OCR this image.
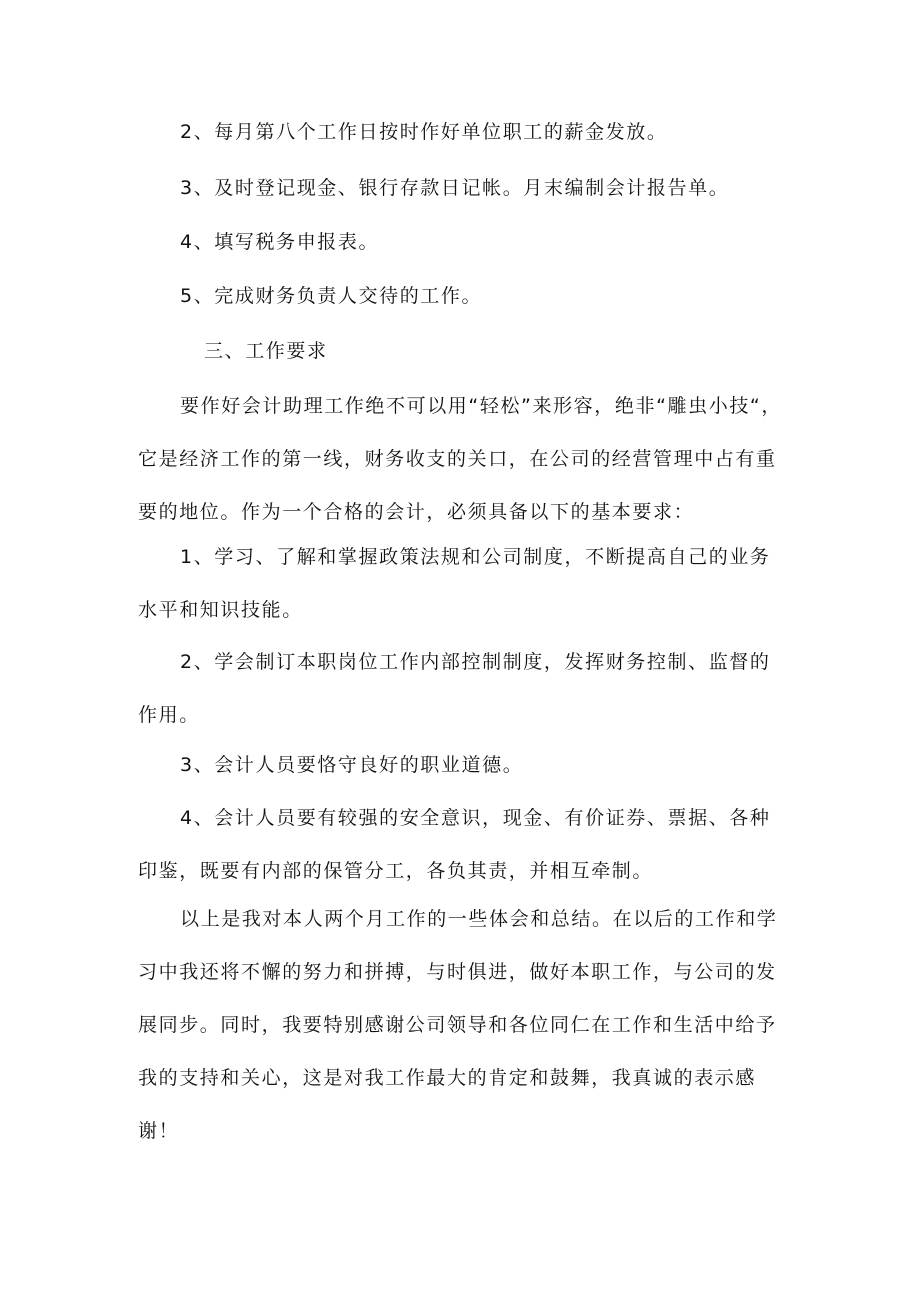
2、每月第八个工作日按时作好单位职工的薪金发放。

3、及时登记现金、银行存款日记帐。月末编制会计报告单。

4、填写税务申报表。

5、完成财务负责人交待的工作。

三、工作要求

要作好会计助理工作绝不可以用“轻松”来形容，绝非“雕虫小技“，它是经济工作的第一线，财务收支的关口，在公司的经营管理中占有重要的地位。作为一个合格的会计，必须具备以下的基本要求：

1、学习、了解和掌握政策法规和公司制度，不断提高自己的业务水平和知识技能。

2、学会制订本职岗位工作内部控制制度，发挥财务控制、监督的作用。

3、会计人员要恪守良好的职业道德。

4、会计人员要有较强的安全意识，现金、有价证券、票据、各种印鉴，既要有内部的保管分工，各负其责，并相互牵制。

以上是我对本人两个月工作的一些体会和总结。在以后的工作和学习中我还将不懈的努力和拼搏，与时俱进，做好本职工作，与公司的发展同步。同时，我要特别感谢公司领导和各位同仁在工作和生活中给予我的支持和关心，这是对我工作最大的肯定和鼓舞，我真诚的表示感谢！
